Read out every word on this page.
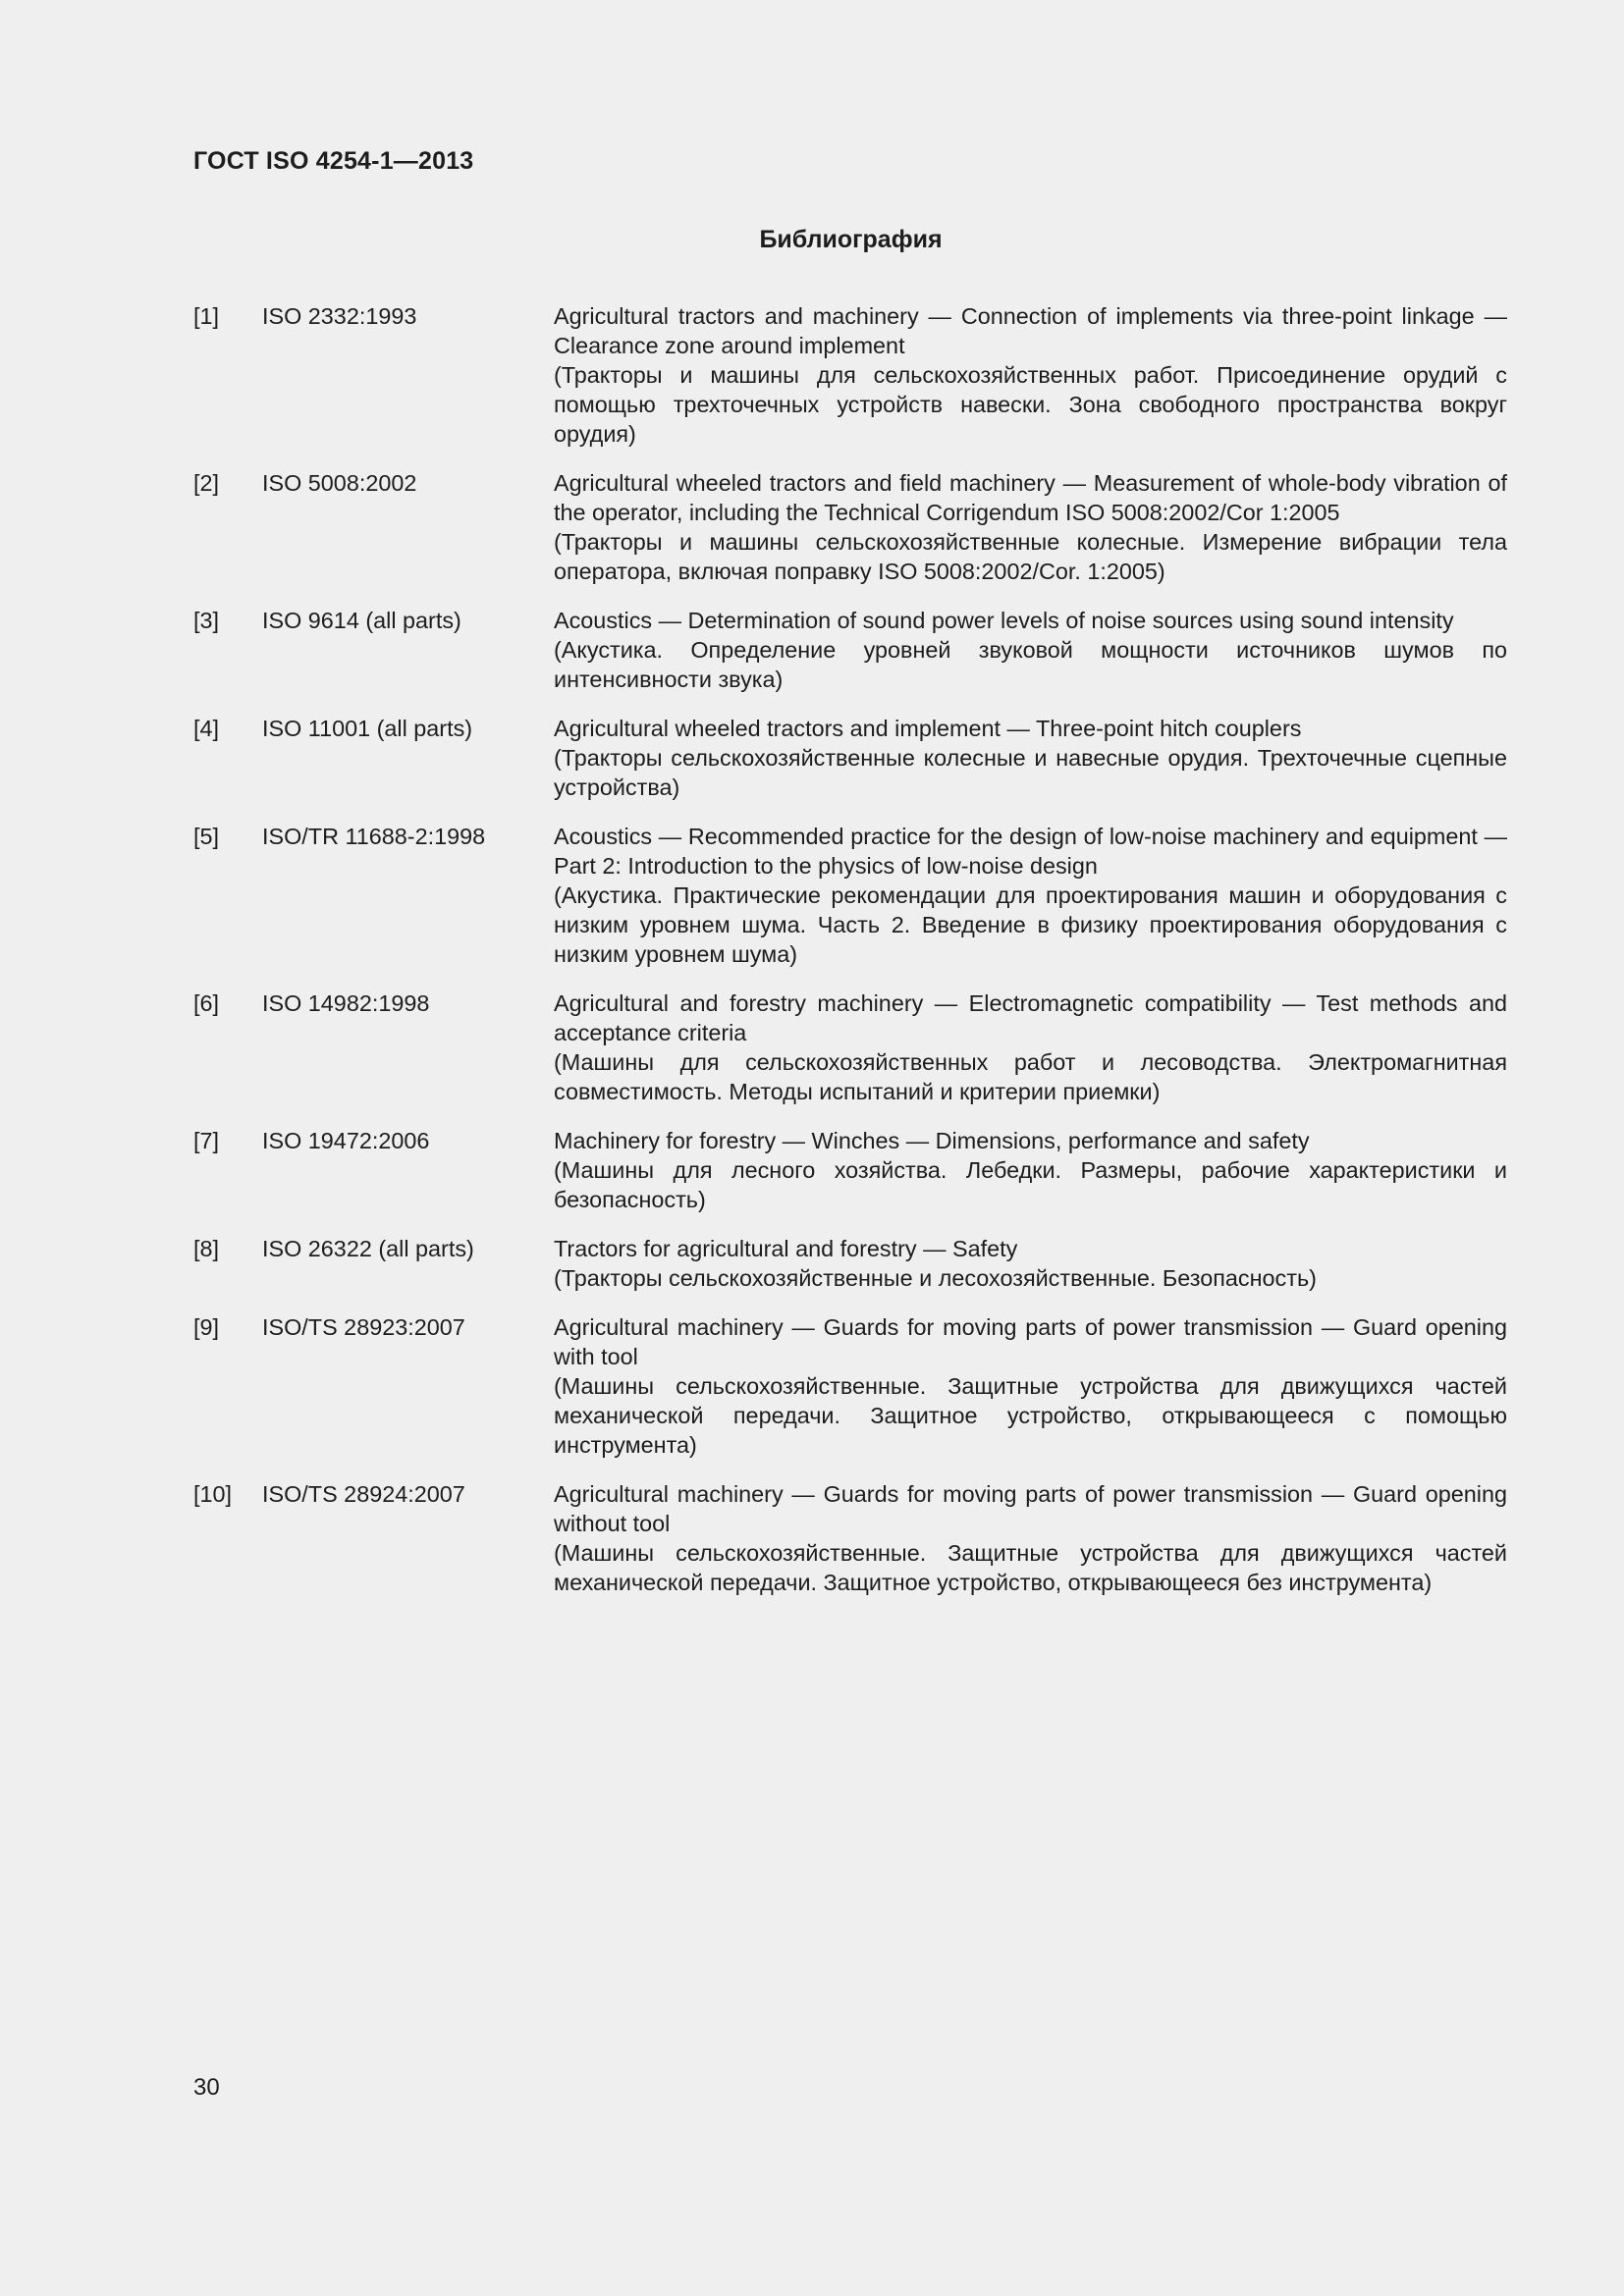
ГОСТ ISO 4254-1—2013
Библиография
[1] ISO 2332:1993	Agricultural tractors and machinery — Connection of implements via three-point linkage — Clearance zone around implement
(Тракторы и машины для сельскохозяйственных работ. Присоединение орудий с помощью трехточечных устройств навески. Зона свободного пространства вокруг орудия)
[2] ISO 5008:2002	Agricultural wheeled tractors and field machinery — Measurement of whole-body vibration of the operator, including the Technical Corrigendum ISO 5008:2002/Cor 1:2005
(Тракторы и машины сельскохозяйственные колесные. Измерение вибрации тела оператора, включая поправку ISO 5008:2002/Cor. 1:2005)
[3] ISO 9614 (all parts)	Acoustics — Determination of sound power levels of noise sources using sound intensity
(Акустика. Определение уровней звуковой мощности источников шумов по интенсивности звука)
[4] ISO 11001 (all parts)	Agricultural wheeled tractors and implement — Three-point hitch couplers
(Тракторы сельскохозяйственные колесные и навесные орудия. Трехточечные сцепные устройства)
[5] ISO/TR 11688-2:1998	Acoustics — Recommended practice for the design of low-noise machinery and equipment — Part 2: Introduction to the physics of low-noise design
(Акустика. Практические рекомендации для проектирования машин и оборудования с низким уровнем шума. Часть 2. Введение в физику проектирования оборудования с низким уровнем шума)
[6] ISO 14982:1998	Agricultural and forestry machinery — Electromagnetic compatibility — Test methods and acceptance criteria
(Машины для сельскохозяйственных работ и лесоводства. Электромагнитная совместимость. Методы испытаний и критерии приемки)
[7] ISO 19472:2006	Machinery for forestry — Winches — Dimensions, performance and safety
(Машины для лесного хозяйства. Лебедки. Размеры, рабочие характеристики и безопасность)
[8] ISO 26322 (all parts)	Tractors for agricultural and forestry — Safety
(Тракторы сельскохозяйственные и лесохозяйственные. Безопасность)
[9] ISO/TS 28923:2007	Agricultural machinery — Guards for moving parts of power transmission — Guard opening with tool
(Машины сельскохозяйственные. Защитные устройства для движущихся частей механической передачи. Защитное устройство, открывающееся с помощью инструмента)
[10] ISO/TS 28924:2007	Agricultural machinery — Guards for moving parts of power transmission — Guard opening without tool
(Машины сельскохозяйственные. Защитные устройства для движущихся частей механической передачи. Защитное устройство, открывающееся без инструмента)
30
